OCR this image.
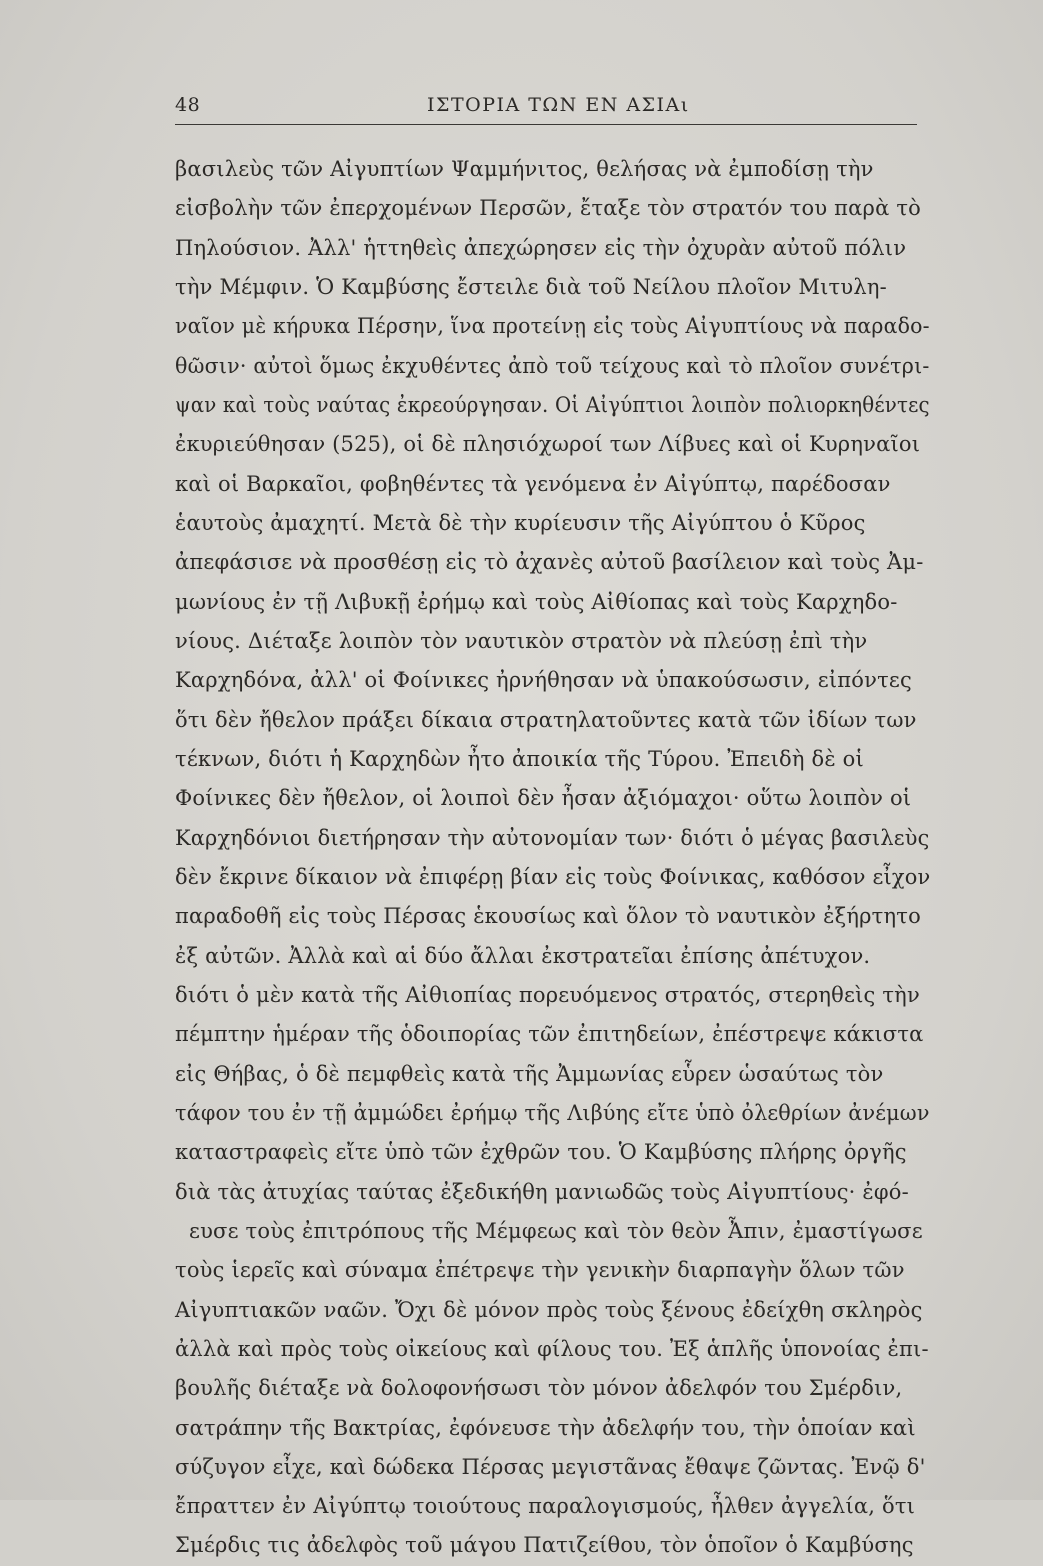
48	ΙΣΤΟΡΙΑ ΤΩΝ ΕΝ ΑΣΙΑι
βασιλεὺς τῶν Αἰγυπτίων Ψαμμήνιτος, θελήσας νὰ ἐμποδίσῃ τὴν
εἰσβολὴν τῶν ἐπερχομένων Περσῶν, ἔταξε τὸν στρατόν του παρὰ τὸ
Πηλούσιον. Ἀλλ' ἡττηθεὶς ἀπεχώρησεν εἰς τὴν ὀχυρὰν αὐτοῦ πόλιν
τὴν Μέμφιν. Ὁ Καμβύσης ἔστειλε διὰ τοῦ Νείλου πλοῖον Μιτυλη-
ναῖον μὲ κήρυκα Πέρσην, ἵνα προτείνῃ εἰς τοὺς Αἰγυπτίους νὰ παραδο-
θῶσιν· αὐτοὶ ὅμως ἐκχυθέντες ἀπὸ τοῦ τείχους καὶ τὸ πλοῖον συνέτρι-
ψαν καὶ τοὺς ναύτας ἐκρεούργησαν. Οἱ Αἰγύπτιοι λοιπὸν πολιορκηθέντες
ἐκυριεύθησαν (525), οἱ δὲ πλησιόχωροί των Λίβυες καὶ οἱ Κυρηναῖοι
καὶ οἱ Βαρκαῖοι, φοβηθέντες τὰ γενόμενα ἐν Αἰγύπτῳ, παρέδοσαν
ἑαυτοὺς ἀμαχητί. Μετὰ δὲ τὴν κυρίευσιν τῆς Αἰγύπτου ὁ Κῦρος
ἀπεφάσισε νὰ προσθέσῃ εἰς τὸ ἀχανὲς αὐτοῦ βασίλειον καὶ τοὺς Ἀμ-
μωνίους ἐν τῇ Λιβυκῇ ἐρήμῳ καὶ τοὺς Αἰθίοπας καὶ τοὺς Καρχηδο-
νίους. Διέταξε λοιπὸν τὸν ναυτικὸν στρατὸν νὰ πλεύσῃ ἐπὶ τὴν
Καρχηδόνα, ἀλλ' οἱ Φοίνικες ἠρνήθησαν νὰ ὑπακούσωσιν, εἰπόντες
ὅτι δὲν ἤθελον πράξει δίκαια στρατηλατοῦντες κατὰ τῶν ἰδίων των
τέκνων, διότι ἡ Καρχηδὼν ἦτο ἀποικία τῆς Τύρου. Ἐπειδὴ δὲ οἱ
Φοίνικες δὲν ἤθελον, οἱ λοιποὶ δὲν ἦσαν ἀξιόμαχοι· οὕτω λοιπὸν οἱ
Καρχηδόνιοι διετήρησαν τὴν αὐτονομίαν των· διότι ὁ μέγας βασιλεὺς
δὲν ἔκρινε δίκαιον νὰ ἐπιφέρῃ βίαν εἰς τοὺς Φοίνικας, καθόσον εἶχον
παραδοθῆ εἰς τοὺς Πέρσας ἑκουσίως καὶ ὅλον τὸ ναυτικὸν ἐξήρτητο
ἐξ αὐτῶν. Ἀλλὰ καὶ αἱ δύο ἄλλαι ἐκστρατεῖαι ἐπίσης ἀπέτυχον.
διότι ὁ μὲν κατὰ τῆς Αἰθιοπίας πορευόμενος στρατός, στερηθεὶς τὴν
πέμπτην ἡμέραν τῆς ὁδοιπορίας τῶν ἐπιτηδείων, ἐπέστρεψε κάκιστα
εἰς Θήβας, ὁ δὲ πεμφθεὶς κατὰ τῆς Ἀμμωνίας εὗρεν ὡσαύτως τὸν
τάφον του ἐν τῇ ἀμμώδει ἐρήμῳ τῆς Λιβύης εἴτε ὑπὸ ὀλεθρίων ἀνέμων
καταστραφεὶς εἴτε ὑπὸ τῶν ἐχθρῶν του. Ὁ Καμβύσης πλήρης ὀργῆς
διὰ τὰς ἀτυχίας ταύτας ἐξεδικήθη μανιωδῶς τοὺς Αἰγυπτίους· ἐφό-
ευσε τοὺς ἐπιτρόπους τῆς Μέμφεως καὶ τὸν θεὸν Ἆπιν, ἐμαστίγωσε
τοὺς ἱερεῖς καὶ σύναμα ἐπέτρεψε τὴν γενικὴν διαρπαγὴν ὅλων τῶν
Αἰγυπτιακῶν ναῶν. Ὄχι δὲ μόνον πρὸς τοὺς ξένους ἐδείχθη σκληρὸς
ἀλλὰ καὶ πρὸς τοὺς οἰκείους καὶ φίλους του. Ἐξ ἁπλῆς ὑπονοίας ἐπι-
βουλῆς διέταξε νὰ δολοφονήσωσι τὸν μόνον ἀδελφόν του Σμέρδιν,
σατράπην τῆς Βακτρίας, ἐφόνευσε τὴν ἀδελφήν του, τὴν ὁποίαν καὶ
σύζυγον εἶχε, καὶ δώδεκα Πέρσας μεγιστᾶνας ἔθαψε ζῶντας. Ἐνῷ δ'
ἔπραττεν ἐν Αἰγύπτῳ τοιούτους παραλογισμούς, ἦλθεν ἀγγελία, ὅτι
Σμέρδις τις ἀδελφὸς τοῦ μάγου Πατιζείθου, τὸν ὁποῖον ὁ Καμβύσης
